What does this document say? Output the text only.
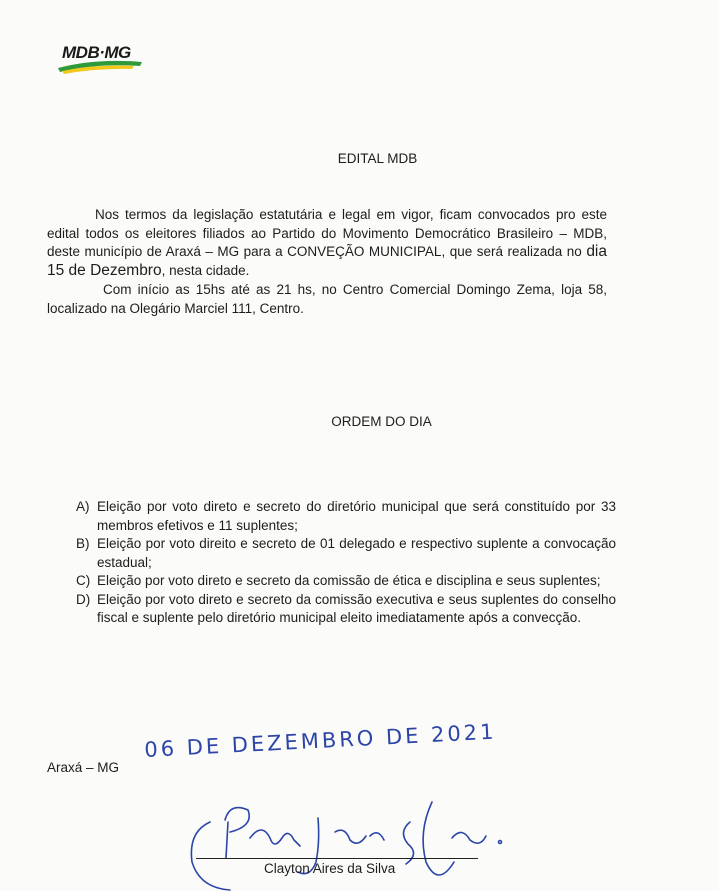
MDB·MG
EDITAL MDB
Nos termos da legislação estatutária e legal em vigor, ficam convocados pro este edital todos os eleitores filiados ao Partido do Movimento Democrático Brasileiro – MDB, deste município de Araxá – MG para a CONVEÇÃO MUNICIPAL, que será realizada no dia 15 de Dezembro, nesta cidade.
Com início as 15hs até as 21 hs, no Centro Comercial Domingo Zema, loja 58, localizado na Olegário Marciel 111, Centro.
ORDEM DO DIA
A) Eleição por voto direto e secreto do diretório municipal que será constituído por 33 membros efetivos e 11 suplentes;
B) Eleição por voto direito e secreto de 01 delegado e respectivo suplente a convocação estadual;
C) Eleição por voto direto e secreto da comissão de ética e disciplina e seus suplentes;
D) Eleição por voto direto e secreto da comissão executiva e seus suplentes do conselho fiscal e suplente pelo diretório municipal eleito imediatamente após a convecção.
Araxá – MG
06 DE DEZEMBRO DE 2021
Clayton Aires da Silva
